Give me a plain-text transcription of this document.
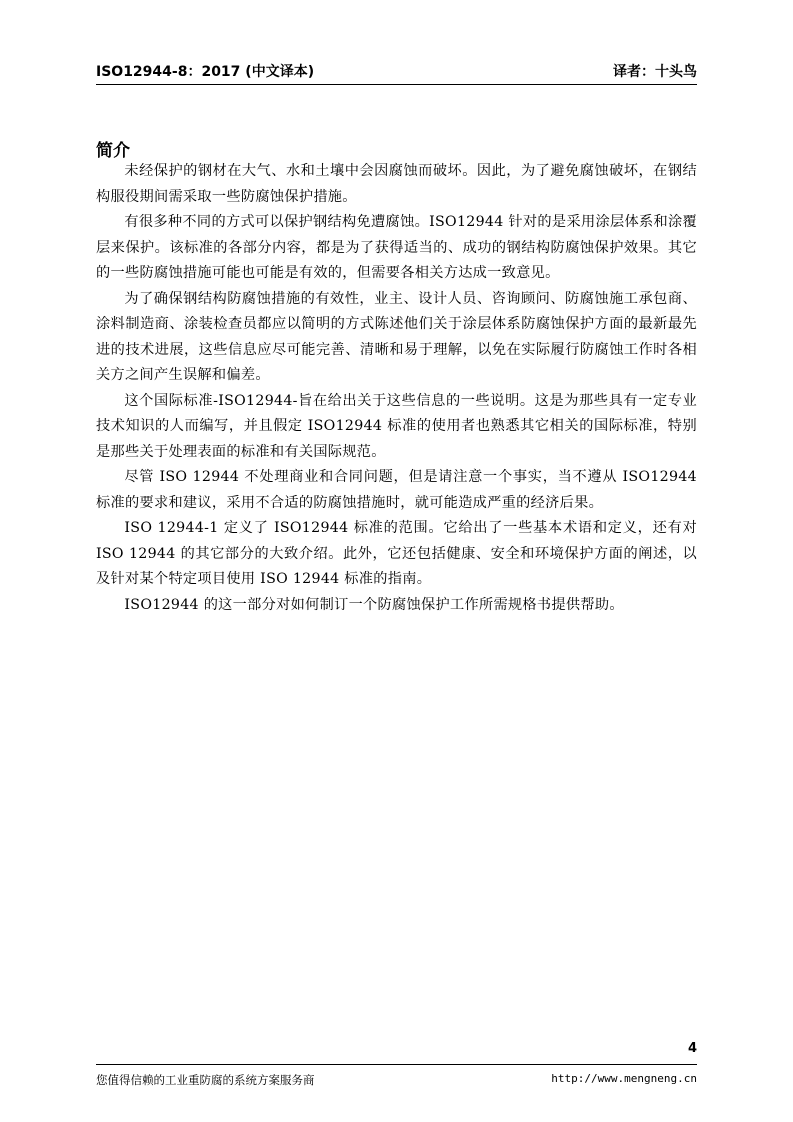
ISO12944-8：2017 (中文译本)	译者：十头鸟
简介

未经保护的钢材在大气、水和土壤中会因腐蚀而破坏。因此，为了避免腐蚀破坏，在钢结构服役期间需采取一些防腐蚀保护措施。

有很多种不同的方式可以保护钢结构免遭腐蚀。ISO12944 针对的是采用涂层体系和涂覆层来保护。该标准的各部分内容，都是为了获得适当的、成功的钢结构防腐蚀保护效果。其它的一些防腐蚀措施可能也可能是有效的，但需要各相关方达成一致意见。

为了确保钢结构防腐蚀措施的有效性，业主、设计人员、咨询顾问、防腐蚀施工承包商、涂料制造商、涂装检查员都应以简明的方式陈述他们关于涂层体系防腐蚀保护方面的最新最先进的技术进展，这些信息应尽可能完善、清晰和易于理解，以免在实际履行防腐蚀工作时各相关方之间产生误解和偏差。

这个国际标准-ISO12944-旨在给出关于这些信息的一些说明。这是为那些具有一定专业技术知识的人而编写，并且假定 ISO12944 标准的使用者也熟悉其它相关的国际标准，特别是那些关于处理表面的标准和有关国际规范。

尽管 ISO 12944 不处理商业和合同问题，但是请注意一个事实，当不遵从 ISO12944 标准的要求和建议，采用不合适的防腐蚀措施时，就可能造成严重的经济后果。

ISO 12944-1 定义了 ISO12944 标准的范围。它给出了一些基本术语和定义，还有对 ISO 12944 的其它部分的大致介绍。此外，它还包括健康、安全和环境保护方面的阐述，以及针对某个特定项目使用 ISO 12944 标准的指南。

ISO12944 的这一部分对如何制订一个防腐蚀保护工作所需规格书提供帮助。

4
您值得信赖的工业重防腐的系统方案服务商	http://www.mengneng.cn
